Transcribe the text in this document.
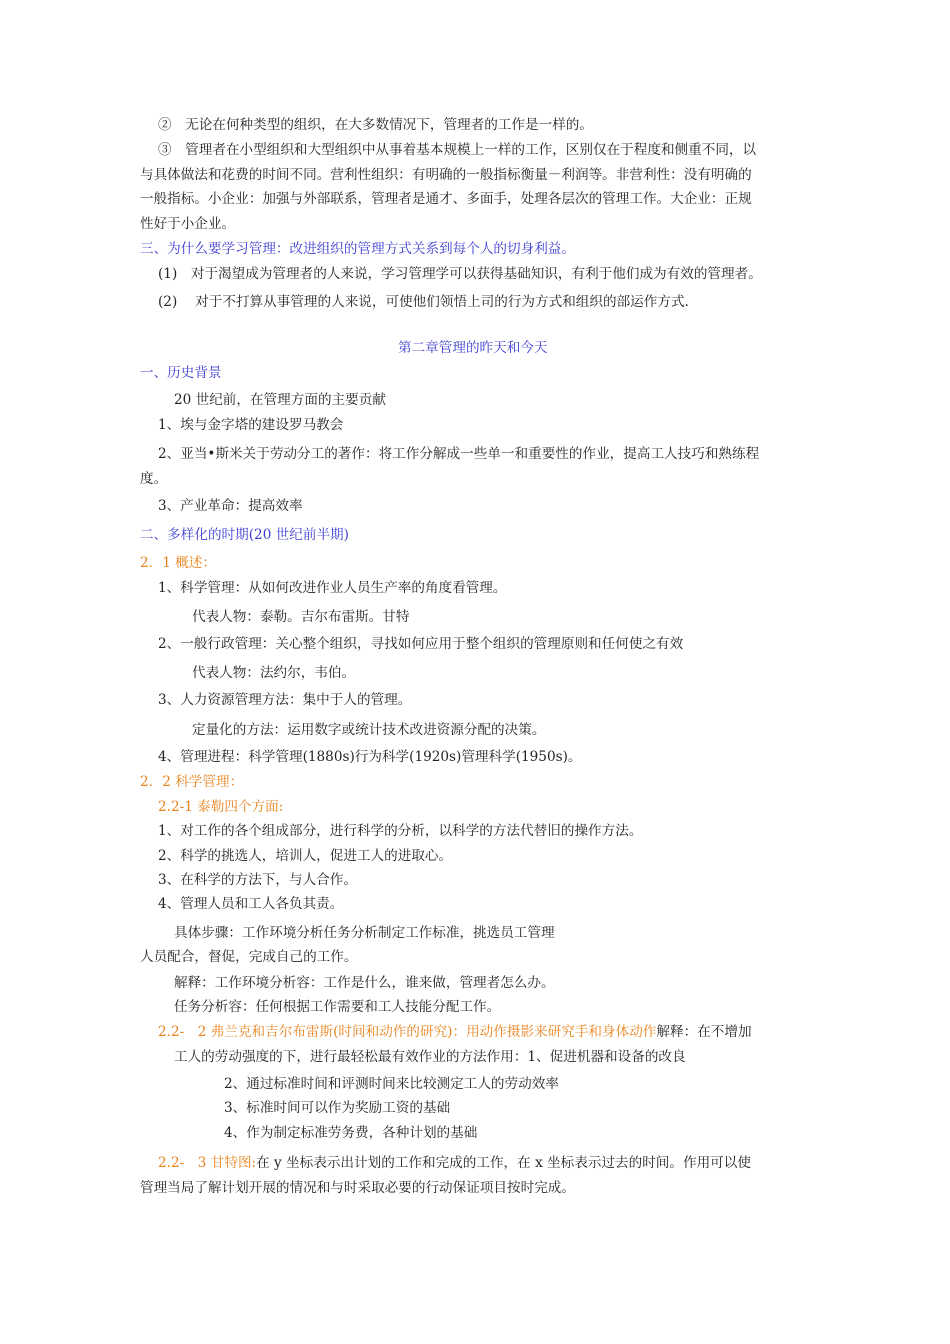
②　无论在何种类型的组织，在大多数情况下，管理者的工作是一样的。
③　管理者在小型组织和大型组织中从事着基本规模上一样的工作，区别仅在于程度和侧重不同，以
与具体做法和花费的时间不同。营利性组织：有明确的一般指标衡量－利润等。非营利性：没有明确的
一般指标。小企业：加强与外部联系，管理者是通才、多面手，处理各层次的管理工作。大企业：正规
性好于小企业。
三、为什么要学习管理：改进组织的管理方式关系到每个人的切身利益。
(1)　对于渴望成为管理者的人来说，学习管理学可以获得基础知识，有利于他们成为有效的管理者。
(2)　 对于不打算从事管理的人来说，可使他们领悟上司的行为方式和组织的部运作方式.
第二章管理的昨天和今天
一、历史背景
20 世纪前，在管理方面的主要贡献
1、埃与金字塔的建设罗马教会
2、亚当•斯米关于劳动分工的著作：将工作分解成一些单一和重要性的作业，提高工人技巧和熟练程
度。
3、产业革命：提高效率
二、多样化的时期(20 世纪前半期)
2．1 概述：
1、科学管理：从如何改进作业人员生产率的角度看管理。
代表人物：泰勒。吉尔布雷斯。甘特
2、一般行政管理：关心整个组织，寻找如何应用于整个组织的管理原则和任何使之有效
代表人物：法约尔，韦伯。
3、人力资源管理方法：集中于人的管理。
定量化的方法：运用数字或统计技术改进资源分配的决策。
4、管理进程：科学管理(1880s)行为科学(1920s)管理科学(1950s)。
2．2 科学管理：
2.2-1 泰勒四个方面:
1、对工作的各个组成部分，进行科学的分析，以科学的方法代替旧的操作方法。
2、科学的挑选人，培训人，促进工人的进取心。
3、在科学的方法下，与人合作。
4、管理人员和工人各负其责。
具体步骤：工作环境分析任务分析制定工作标准，挑选员工管理
人员配合，督促，完成自己的工作。
解释：工作环境分析容：工作是什么，谁来做，管理者怎么办。
任务分析容：任何根据工作需要和工人技能分配工作。
2.2-　2 弗兰克和吉尔布雷斯(时间和动作的研究)：用动作摄影来研究手和身体动作解释：在不增加
工人的劳动强度的下，进行最轻松最有效作业的方法作用：1、促进机器和设备的改良
2、通过标准时间和评测时间来比较测定工人的劳动效率
3、标准时间可以作为奖励工资的基础
4、作为制定标准劳务费，各种计划的基础
2.2-　3 甘特图:在 y 坐标表示出计划的工作和完成的工作，在 x 坐标表示过去的时间。作用可以使
管理当局了解计划开展的情况和与时采取必要的行动保证项目按时完成。
